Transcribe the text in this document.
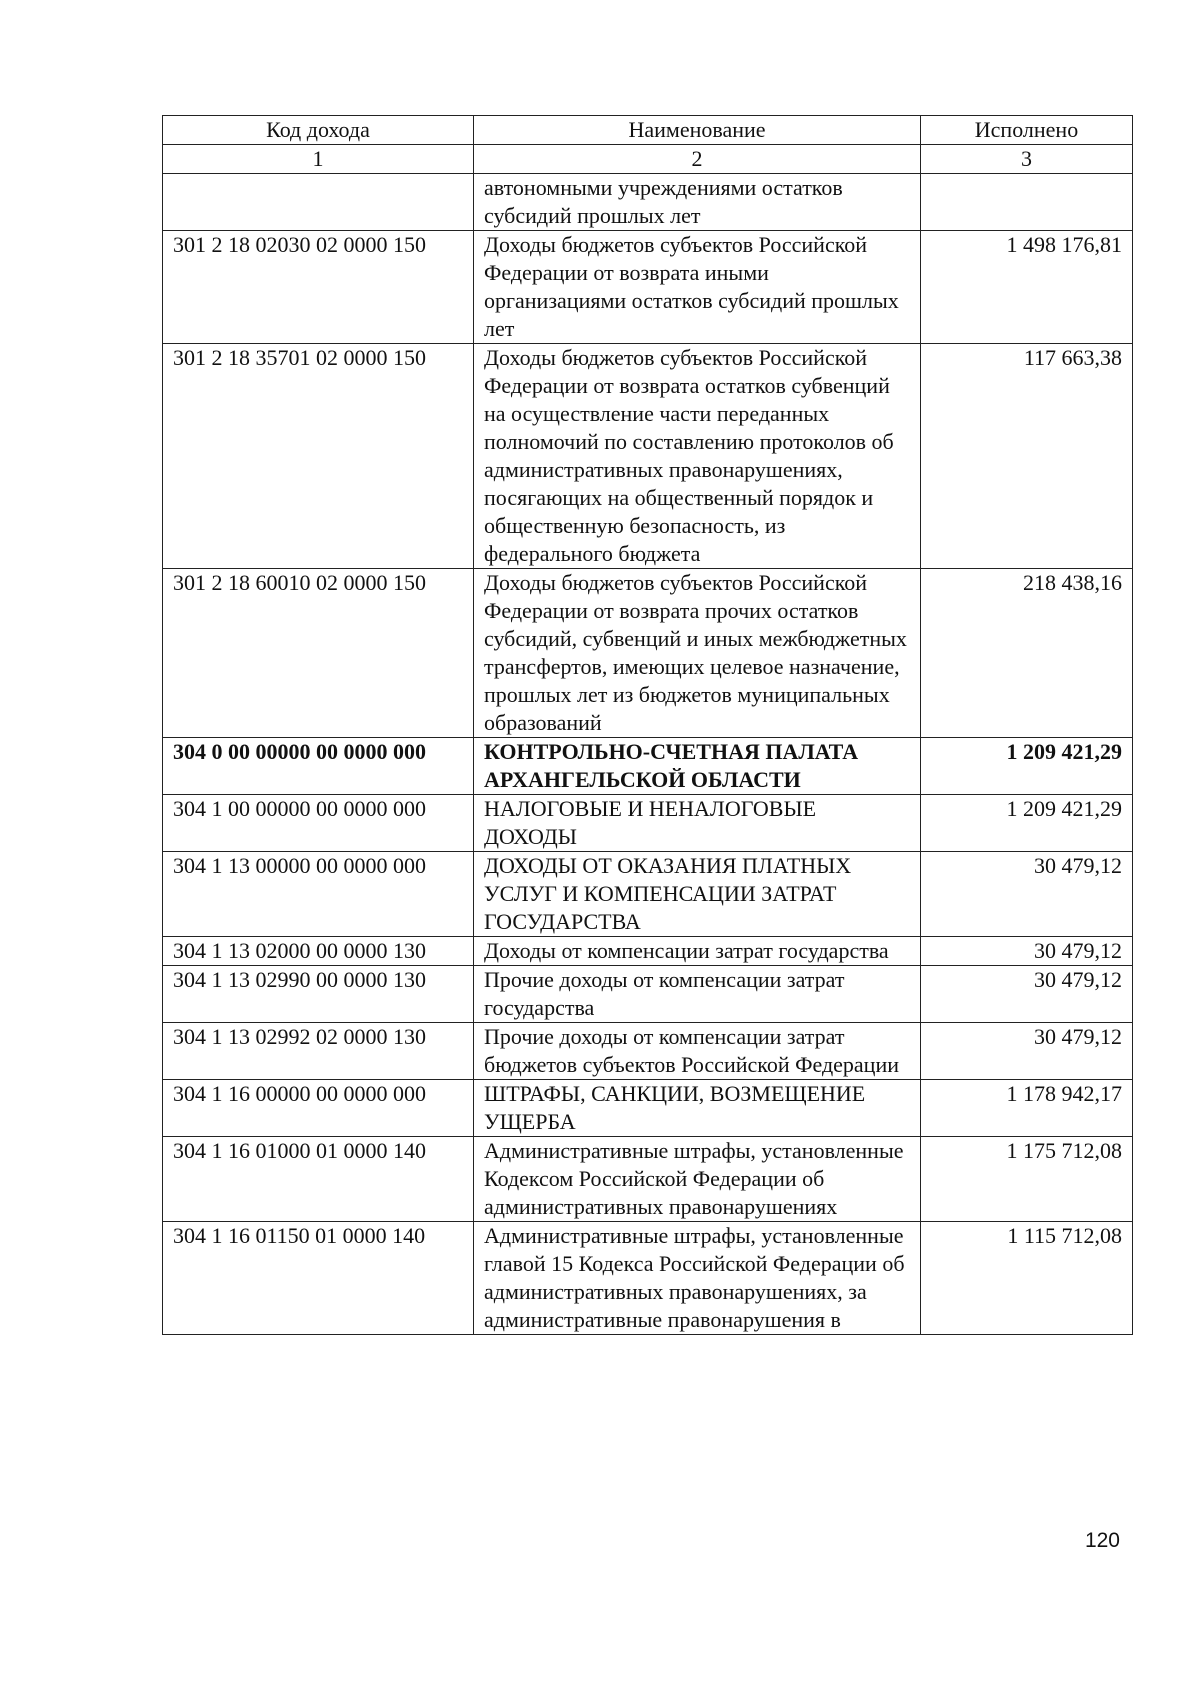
Код дохода	Наименование	Исполнено
1	2	3
	автономными учреждениями остатков субсидий прошлых лет	
301 2 18 02030 02 0000 150	Доходы бюджетов субъектов Российской Федерации от возврата иными организациями остатков субсидий прошлых лет	1 498 176,81
301 2 18 35701 02 0000 150	Доходы бюджетов субъектов Российской Федерации от возврата остатков субвенций на осуществление части переданных полномочий по составлению протоколов об административных правонарушениях, посягающих на общественный порядок и общественную безопасность, из федерального бюджета	117 663,38
301 2 18 60010 02 0000 150	Доходы бюджетов субъектов Российской Федерации от возврата прочих остатков субсидий, субвенций и иных межбюджетных трансфертов, имеющих целевое назначение, прошлых лет из бюджетов муниципальных образований	218 438,16
304 0 00 00000 00 0000 000	КОНТРОЛЬНО-СЧЕТНАЯ ПАЛАТА АРХАНГЕЛЬСКОЙ ОБЛАСТИ	1 209 421,29
304 1 00 00000 00 0000 000	НАЛОГОВЫЕ И НЕНАЛОГОВЫЕ ДОХОДЫ	1 209 421,29
304 1 13 00000 00 0000 000	ДОХОДЫ ОТ ОКАЗАНИЯ ПЛАТНЫХ УСЛУГ И КОМПЕНСАЦИИ ЗАТРАТ ГОСУДАРСТВА	30 479,12
304 1 13 02000 00 0000 130	Доходы от компенсации затрат государства	30 479,12
304 1 13 02990 00 0000 130	Прочие доходы от компенсации затрат государства	30 479,12
304 1 13 02992 02 0000 130	Прочие доходы от компенсации затрат бюджетов субъектов Российской Федерации	30 479,12
304 1 16 00000 00 0000 000	ШТРАФЫ, САНКЦИИ, ВОЗМЕЩЕНИЕ УЩЕРБА	1 178 942,17
304 1 16 01000 01 0000 140	Административные штрафы, установленные Кодексом Российской Федерации об административных правонарушениях	1 175 712,08
304 1 16 01150 01 0000 140	Административные штрафы, установленные главой 15 Кодекса Российской Федерации об административных правонарушениях, за административные правонарушения в	1 115 712,08
120
